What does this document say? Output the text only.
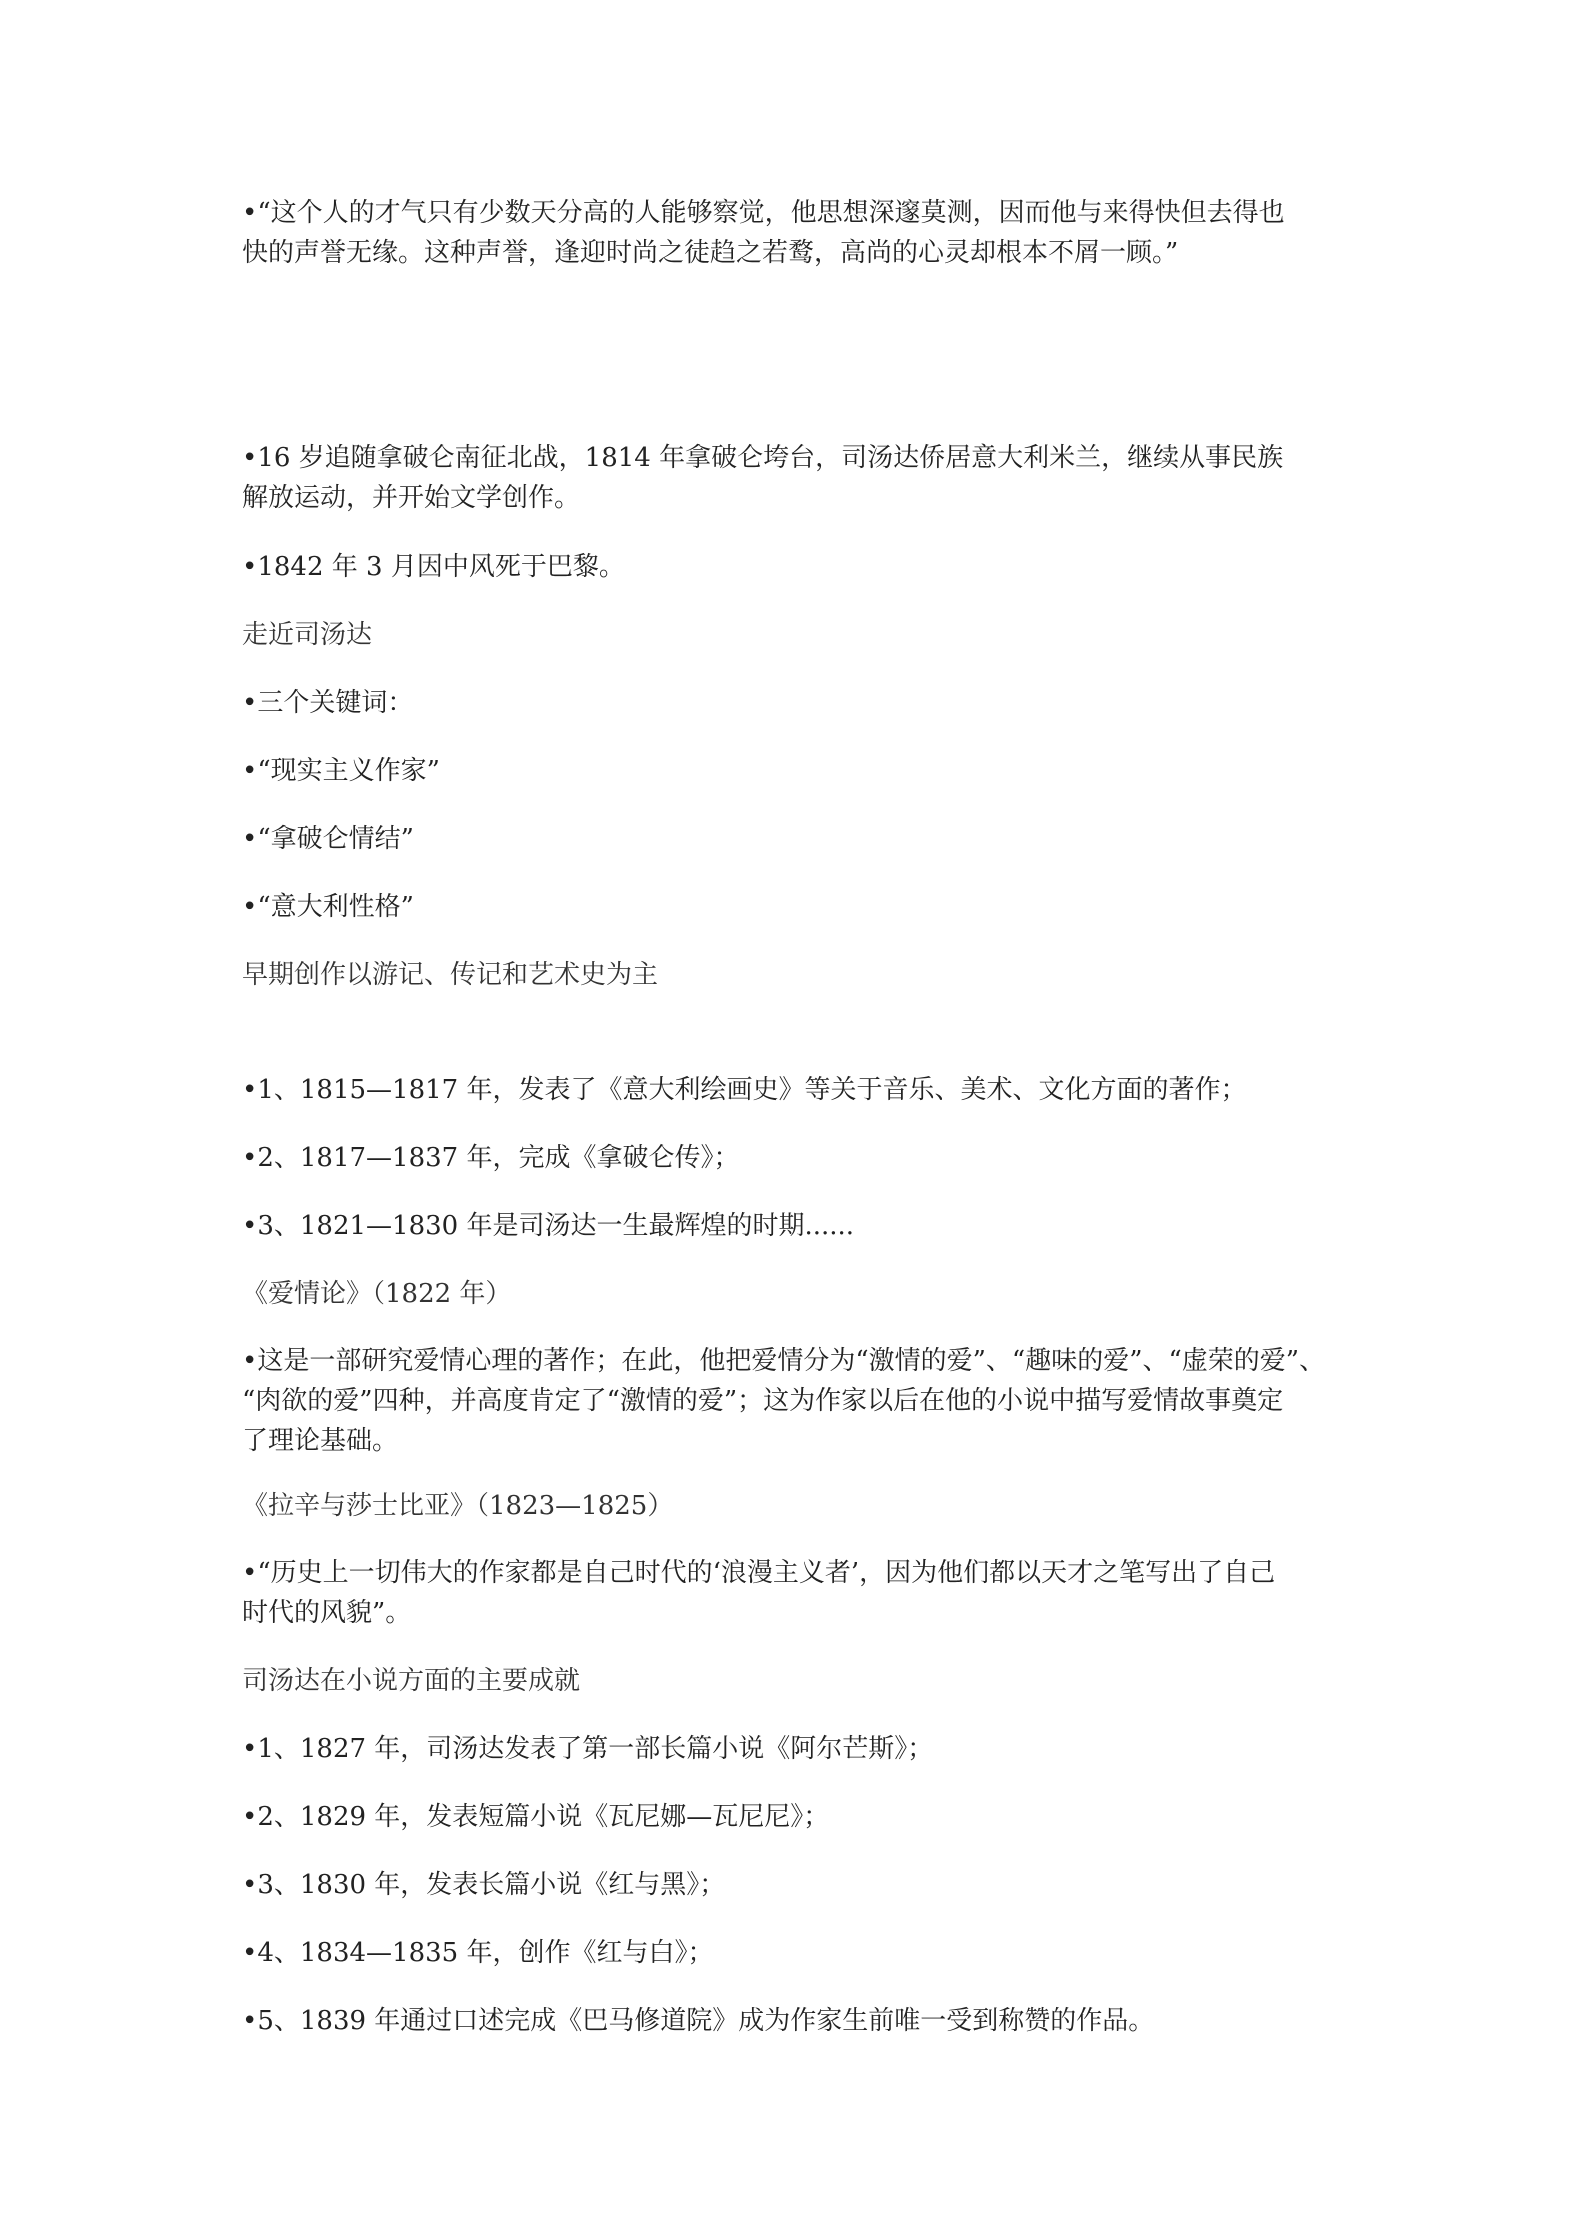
•“这个人的才气只有少数天分高的人能够察觉，他思想深邃莫测，因而他与来得快但去得也
快的声誉无缘。这种声誉，逢迎时尚之徒趋之若鹜，高尚的心灵却根本不屑一顾。”

•16 岁追随拿破仑南征北战，1814 年拿破仑垮台，司汤达侨居意大利米兰，继续从事民族
解放运动，并开始文学创作。

•1842 年 3 月因中风死于巴黎。

走近司汤达

•三个关键词：

•“现实主义作家”

•“拿破仑情结”

•“意大利性格”

早期创作以游记、传记和艺术史为主

•1、1815—1817 年，发表了《意大利绘画史》等关于音乐、美术、文化方面的著作；

•2、1817—1837 年，完成《拿破仑传》；

•3、1821—1830 年是司汤达一生最辉煌的时期......

《爱情论》（1822 年）

•这是一部研究爱情心理的著作；在此，他把爱情分为“激情的爱”、“趣味的爱”、“虚荣的爱”、
“肉欲的爱”四种，并高度肯定了“激情的爱”；这为作家以后在他的小说中描写爱情故事奠定
了理论基础。

《拉辛与莎士比亚》（1823—1825）

•“历史上一切伟大的作家都是自己时代的‘浪漫主义者’，因为他们都以天才之笔写出了自己
时代的风貌”。

司汤达在小说方面的主要成就

•1、1827 年，司汤达发表了第一部长篇小说《阿尔芒斯》；

•2、1829 年，发表短篇小说《瓦尼娜—瓦尼尼》；

•3、1830 年，发表长篇小说《红与黑》；

•4、1834—1835 年，创作《红与白》；

•5、1839 年通过口述完成《巴马修道院》成为作家生前唯一受到称赞的作品。
